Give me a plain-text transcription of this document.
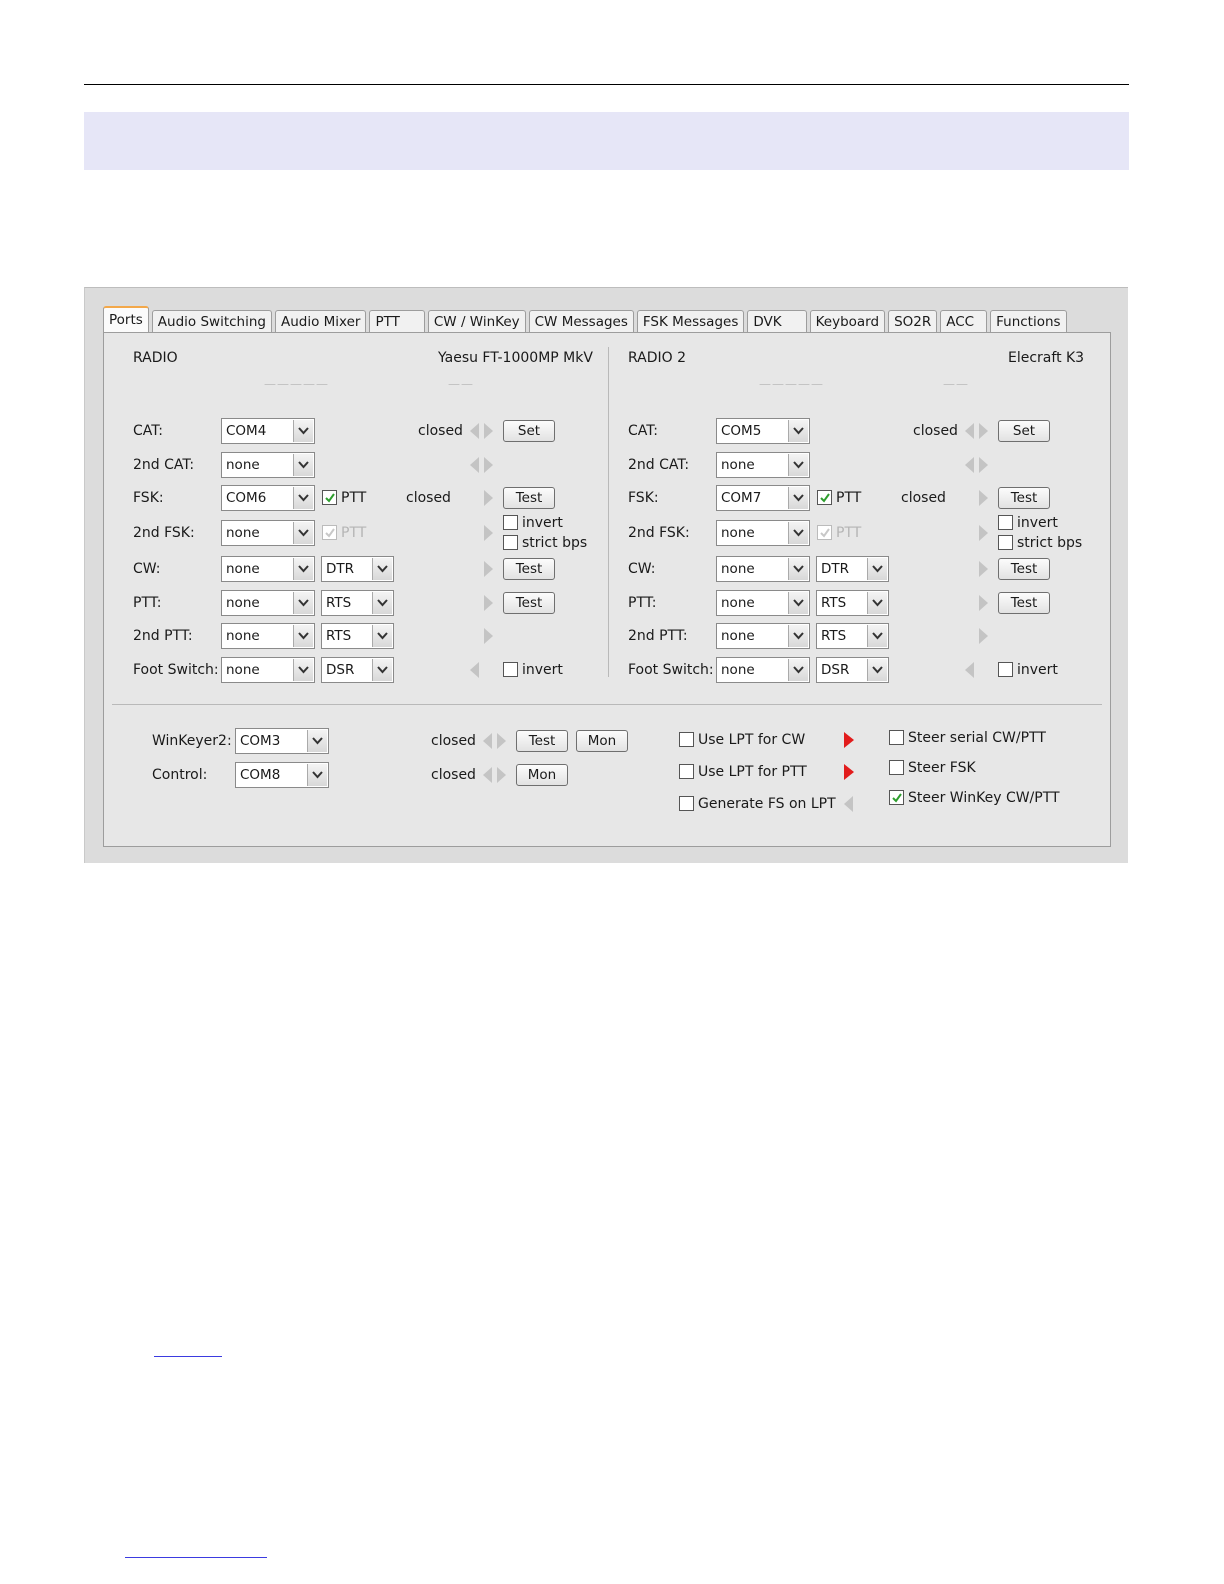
Ports	Audio Switching	Audio Mixer	PTT	CW / WinKey	CW Messages	FSK Messages	DVK	Keyboard	SO2R	ACC	Functions
RADIO	Yaesu FT-1000MP MkV
—————	——
CAT:	COM4	closed	Set
2nd CAT: none
FSK:	COM6	PTT	closed	Test
2nd FSK: none	PTT
invert
strict bps
CW:	none	DTR	Test
PTT:	none	RTS	Test
2nd PTT: none	RTS
Foot Switch: none	DSR	invert
RADIO 2	Elecraft K3
—————	——
CAT:	COM5	closed	Set
2nd CAT: none
FSK:	COM7	PTT	closed	Test
2nd FSK: none	PTT
invert
strict bps
CW:	none	DTR	Test
PTT:	none	RTS	Test
2nd PTT: none	RTS
Foot Switch: none	DSR	invert
WinKeyer2: COM3	closed	Test	Mon
Control: COM8	closed	Mon
Use LPT for CW
Use LPT for PTT
Generate FS on LPT
Steer serial CW/PTT
Steer FSK
Steer WinKey CW/PTT
